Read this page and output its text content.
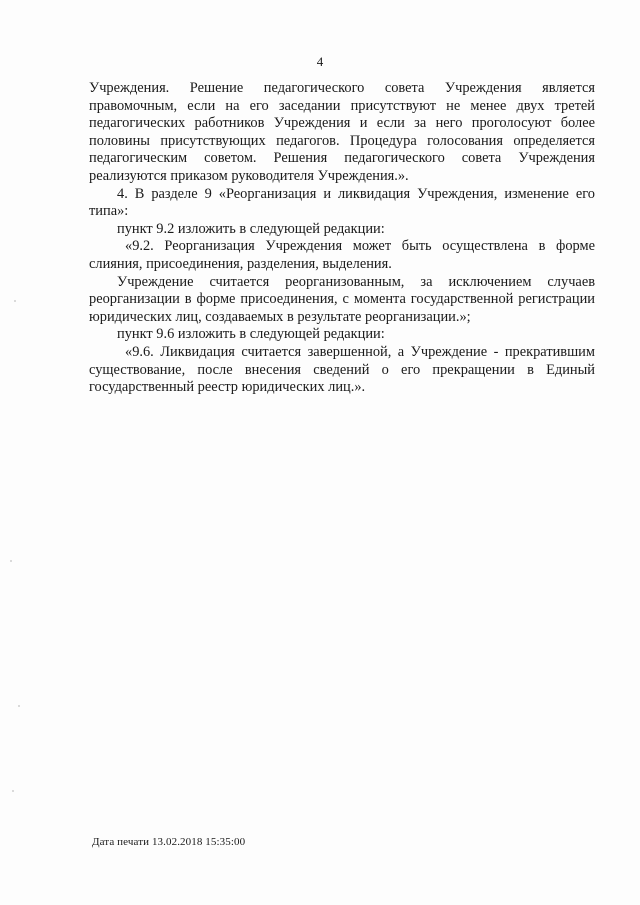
4

Учреждения. Решение педагогического совета Учреждения является правомочным, если на его заседании присутствуют не менее двух третей педагогических работников Учреждения и если за него проголосуют более половины присутствующих педагогов. Процедура голосования определяется педагогическим советом. Решения педагогического совета Учреждения реализуются приказом руководителя Учреждения.».

4. В разделе 9 «Реорганизация и ликвидация Учреждения, изменение его типа»:

пункт 9.2 изложить в следующей редакции:

«9.2. Реорганизация Учреждения может быть осуществлена в форме слияния, присоединения, разделения, выделения.

Учреждение считается реорганизованным, за исключением случаев реорганизации в форме присоединения, с момента государственной регистрации юридических лиц, создаваемых в результате реорганизации.»;

пункт 9.6 изложить в следующей редакции:

«9.6. Ликвидация считается завершенной, а Учреждение - прекратившим существование, после внесения сведений о его прекращении в Единый государственный реестр юридических лиц.».

Дата печати 13.02.2018 15:35:00
